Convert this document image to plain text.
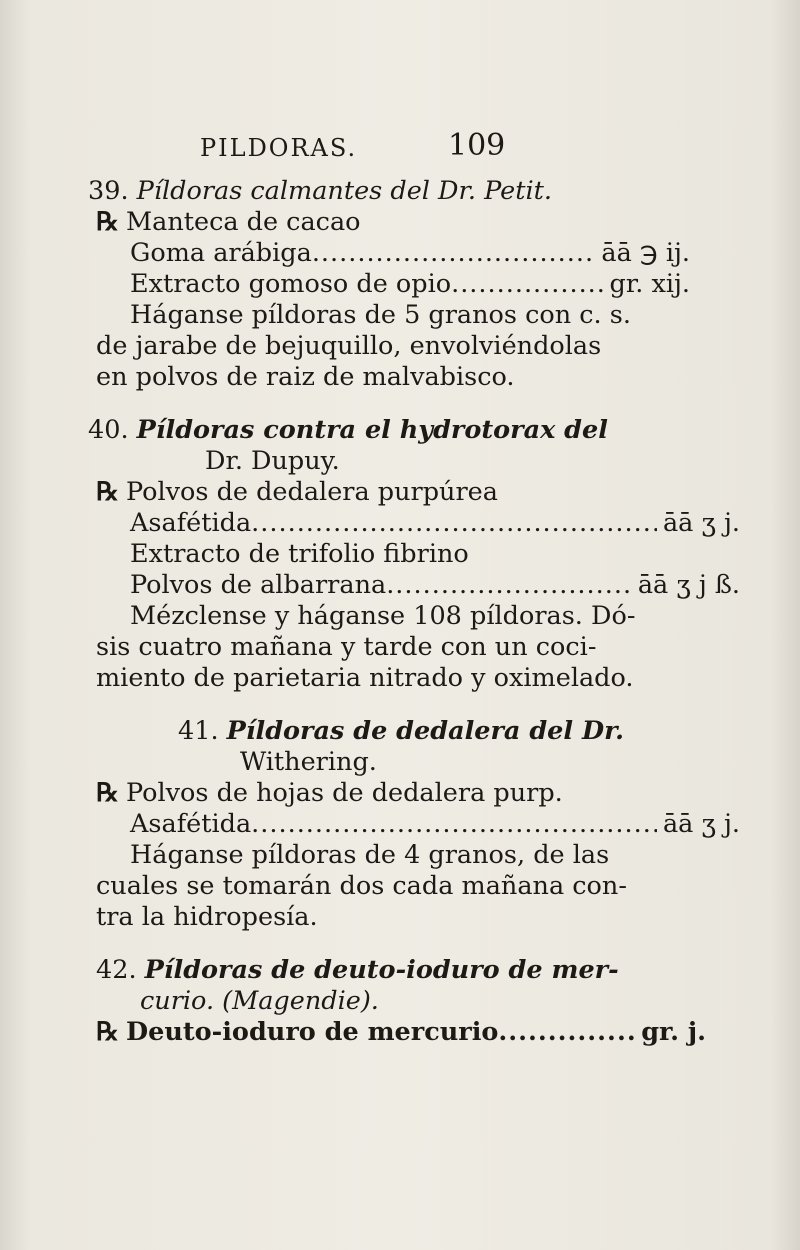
PILDORAS.	109
39. Píldoras calmantes del Dr. Petit.
℞ Manteca de cacao
Goma arábiga .....	āā ℈ ij.
Extracto gomoso de opio .....	gr. xij.
Háganse píldoras de 5 granos con c. s.
de jarabe de bejuquillo, envolviéndolas
en polvos de raiz de malvabisco.
40. Píldoras contra el hydrotorax del
Dr. Dupuy.
℞ Polvos de dedalera purpúrea
Asafétida .....	āā ʒ j.
Extracto de trifolio fibrino
Polvos de albarrana .....	āā ʒ j ß.
Mézclense y háganse 108 píldoras. Dó-
sis cuatro mañana y tarde con un coci-
miento de parietaria nitrado y oximelado.
41. Píldoras de dedalera del Dr.
Withering.
℞ Polvos de hojas de dedalera purp.
Asafétida .....	āā ʒ j.
Háganse píldoras de 4 granos, de las
cuales se tomarán dos cada mañana con-
tra la hidropesía.
42. Píldoras de deuto-ioduro de mer-
curio. (Magendie).
℞ Deuto-ioduro de mercurio .....	gr. j.
